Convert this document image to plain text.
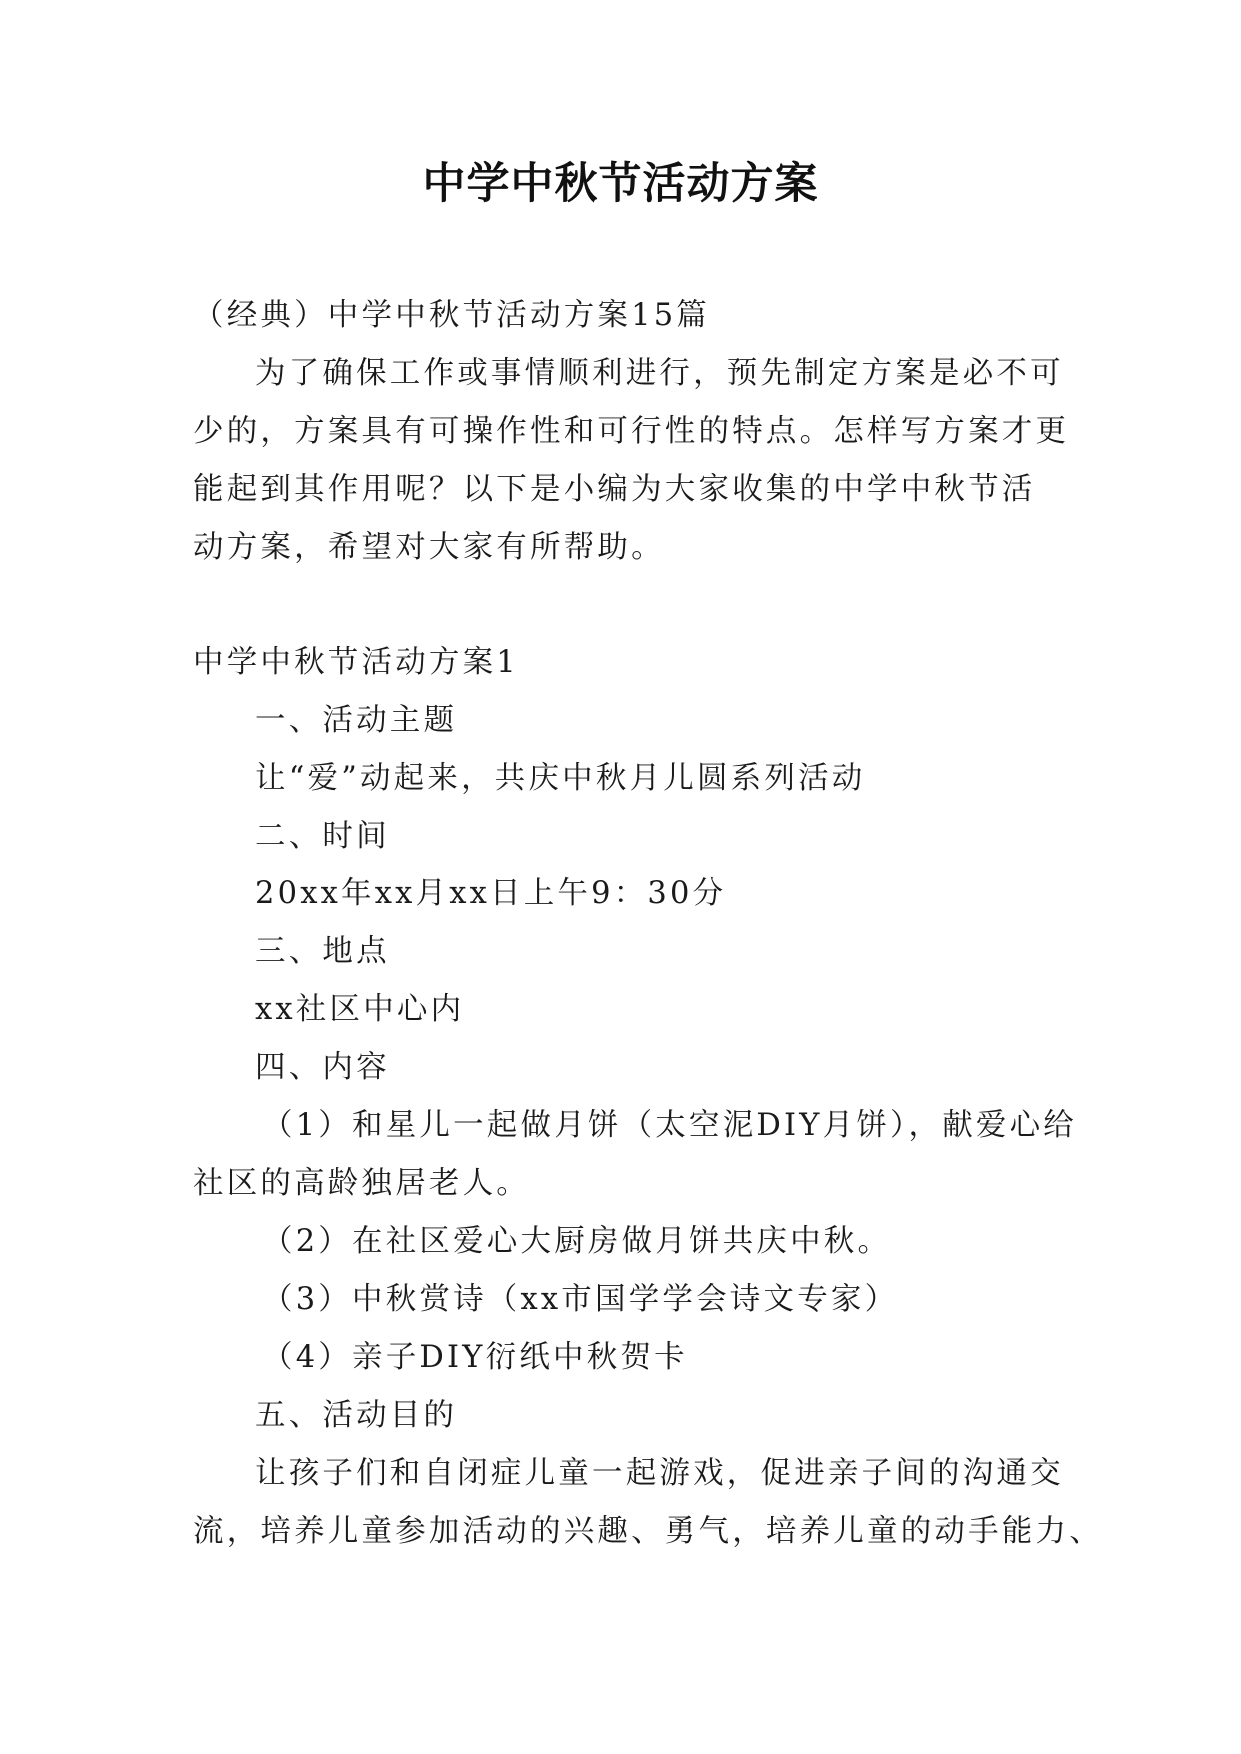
中学中秋节活动方案
（经典）中学中秋节活动方案15篇
为了确保工作或事情顺利进行，预先制定方案是必不可
少的，方案具有可操作性和可行性的特点。怎样写方案才更
能起到其作用呢？以下是小编为大家收集的中学中秋节活
动方案，希望对大家有所帮助。
中学中秋节活动方案1
一、活动主题
让“爱”动起来，共庆中秋月儿圆系列活动
二、时间
20xx年xx月xx日上午9：30分
三、地点
xx社区中心内
四、内容
（1）和星儿一起做月饼（太空泥DIY月饼），献爱心给
社区的高龄独居老人。
（2）在社区爱心大厨房做月饼共庆中秋。
（3）中秋赏诗（xx市国学学会诗文专家）
（4）亲子DIY衍纸中秋贺卡
五、活动目的
让孩子们和自闭症儿童一起游戏，促进亲子间的沟通交
流，培养儿童参加活动的兴趣、勇气，培养儿童的动手能力、
